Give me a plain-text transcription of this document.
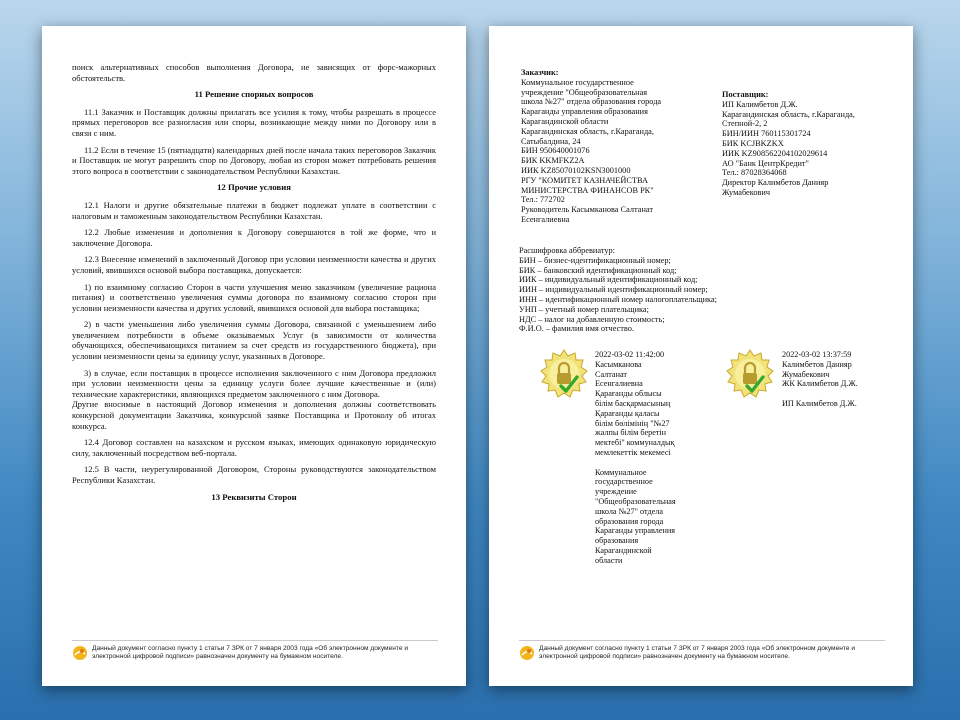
поиск альтернативных способов выполнения Договора, не зависящих от форс-мажорных обстоятельств.

11 Решение спорных вопросов

11.1 Заказчик и Поставщик должны прилагать все усилия к тому, чтобы разрешать в процессе прямых переговоров все разногласия или споры, возникающие между ними по Договору или в связи с ним.

11.2 Если в течение 15 (пятнадцати) календарных дней после начала таких переговоров Заказчик и Поставщик не могут разрешить спор по Договору, любая из сторон может потребовать решения этого вопроса в соответствии с законодательством Республики Казахстан.

12 Прочие условия

12.1 Налоги и другие обязательные платежи в бюджет подлежат уплате в соответствии с налоговым и таможенным законодательством Республики Казахстан.

12.2 Любые изменения и дополнения к Договору совершаются в той же форме, что и заключение Договора.

12.3 Внесение изменений в заключенный Договор при условии неизменности качества и других условий, явившихся основой выбора поставщика, допускается:

1) по взаимному согласию Сторон в части улучшения меню заказчиком (увеличение рациона питания) и соответственно увеличения суммы договора по взаимному согласию сторон при условии неизменности качества и других условий, явившихся основой для выбора поставщика;

2) в части уменьшения либо увеличения суммы Договора, связанной с уменьшением либо увеличением потребности в объеме оказываемых Услуг (в зависимости от количества обучающихся, обеспечивающихся питанием за счет средств из государственного бюджета), при условии неизменности цены за единицу услуг, указанных в Договоре.

3) в случае, если поставщик в процессе исполнения заключенного с ним Договора предложил при условии неизменности цены за единицу услуги более лучшие качественные и (или) технические характеристики, являющихся предметом заключенного с ним Договора.

Другие вносимые в настоящий Договор изменения и дополнения должны соответствовать конкурсной документации Заказчика, конкурсной заявке Поставщика и Протоколу об итогах конкурса.

12.4 Договор составлен на казахском и русском языках, имеющих одинаковую юридическую силу, заключенный посредством веб-портала.

12.5 В части, неурегулированной Договором, Стороны руководствуются законодательством Республики Казахстан.

13 Реквизиты Сторон
Данный документ согласно пункту 1 статьи 7 ЗРК от 7 января 2003 года «Об электронном документе и электронной цифровой подписи» равнозначен документу на бумажном носителе.
Заказчик:
Коммунальное государственное
учреждение "Общеобразовательная
школа №27" отдела образования города
Караганды управления образования
Карагандинской области
Карагандинская область, г.Караганда,
Сатыбалдина, 24
БИН 950640001076
БИК KKMFKZ2A
ИИК KZ85070102KSN3001000
РГУ "КОМИТЕТ КАЗНАЧЕЙСТВА
МИНИСТЕРСТВА ФИНАНСОВ РК"
Тел.: 772702
Руководитель Касымканова Салтанат
Есенгалиевна
Поставщик:
ИП Калимбетов Д.Ж.
Карагандинская область, г.Караганда,
Степной-2, 2
БИН/ИИН 760115301724
БИК KCJBKZKX
ИИК KZ908562204102029614
АО "Банк ЦентрКредит"
Тел.: 87028364068
Директор Калимбетов Данияр
Жумабекович
Расшифровка аббревиатур:
БИН – бизнес-идентификационный номер;
БИК – банковский идентификационный код;
ИИК – индивидуальный идентификационный код;
ИИН – индивидуальный идентификационный номер;
ИНН – идентификационный номер налогоплательщика;
УНП – учетный номер плательщика;
НДС – налог на добавленную стоимость;
Ф.И.О. – фамилия имя отчество.
2022-03-02 11:42:00
Касымканова
Салтанат
Есенгалиевна
Қарағанды облысы
білім басқармасының
Қарағанды қаласы
білім бөлімінің "№27
жалпы білім беретін
мектебі" коммуналдық
мемлекеттік мекемесі

Коммунальное
государственное
учреждение
"Общеобразовательная
школа №27" отдела
образования города
Караганды управления
образования
Карагандинской
области
2022-03-02 13:37:59
Калимбетов Данияр
Жумабекович
ЖК Калимбетов Д.Ж.

ИП Калимбетов Д.Ж.
Данный документ согласно пункту 1 статьи 7 ЗРК от 7 января 2003 года «Об электронном документе и электронной цифровой подписи» равнозначен документу на бумажном носителе.
